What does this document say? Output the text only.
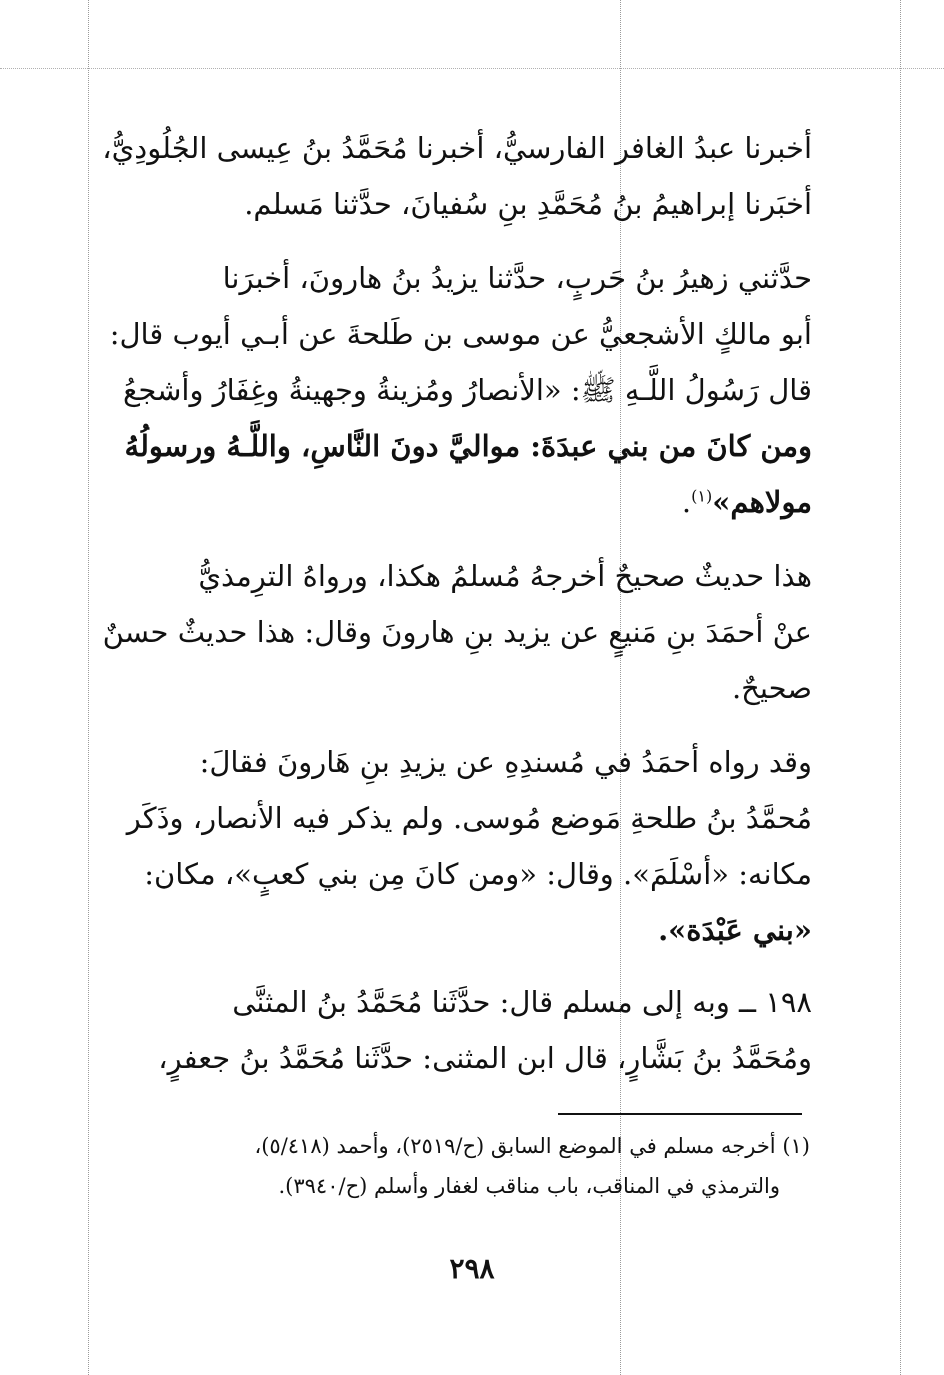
أخبرنا عبدُ الغافر الفارسيُّ، أخبرنا مُحَمَّدُ بنُ عِيسى الجُلُودِيُّ،
أخبَرنا إبراهيمُ بنُ مُحَمَّدِ بنِ سُفيانَ، حدَّثنا مَسلم.
حدَّثني زهيرُ بنُ حَربٍ، حدَّثنا يزيدُ بنُ هارونَ، أخبرَنا
أبو مالكٍ الأشجعيُّ عن موسى بن طَلحةَ عن أبـي أيوب قال:
قال رَسُولُ اللَّـهِ ﷺ: «الأنصارُ ومُزينةُ وجهينةُ وغِفَارُ وأشجعُ
ومن كانَ من بني عبدَةَ: مواليَّ دونَ النَّاسِ، واللَّـهُ ورسولُهُ
مولاهم»$^{(١)}$.
هذا حديثٌ صحيحٌ أخرجهُ مُسلمُ هكذا، ورواهُ الترِمذيُّ
عنْ أحمَدَ بنِ مَنيعٍ عن يزيد بنِ هارونَ وقال: هذا حديثٌ حسنٌ
صحيحٌ.
وقد رواه أحمَدُ في مُسندِهِ عن يزيدِ بنِ هَارونَ فقالَ:
مُحمَّدُ بنُ طلحةِ مَوضع مُوسى. ولم يذكر فيه الأنصار، وذَكَر
مكانه: «أسْلَمَ». وقال: «ومن كانَ مِن بني كعبٍ»، مكان:
«بني عَبْدَة».
١٩٨ ــ وبه إلى مسلم قال: حدَّثَنا مُحَمَّدُ بنُ المثنَّى
ومُحَمَّدُ بنُ بَشَّارٍ، قال ابن المثنى: حدَّثَنا مُحَمَّدُ بنُ جعفرٍ،
(١) أخرجه مسلم في الموضع السابق (ح/٢٥١٩)، وأحمد (٥/٤١٨)،
والترمذي في المناقب، باب مناقب لغفار وأسلم (ح/٣٩٤٠).
٢٩٨
